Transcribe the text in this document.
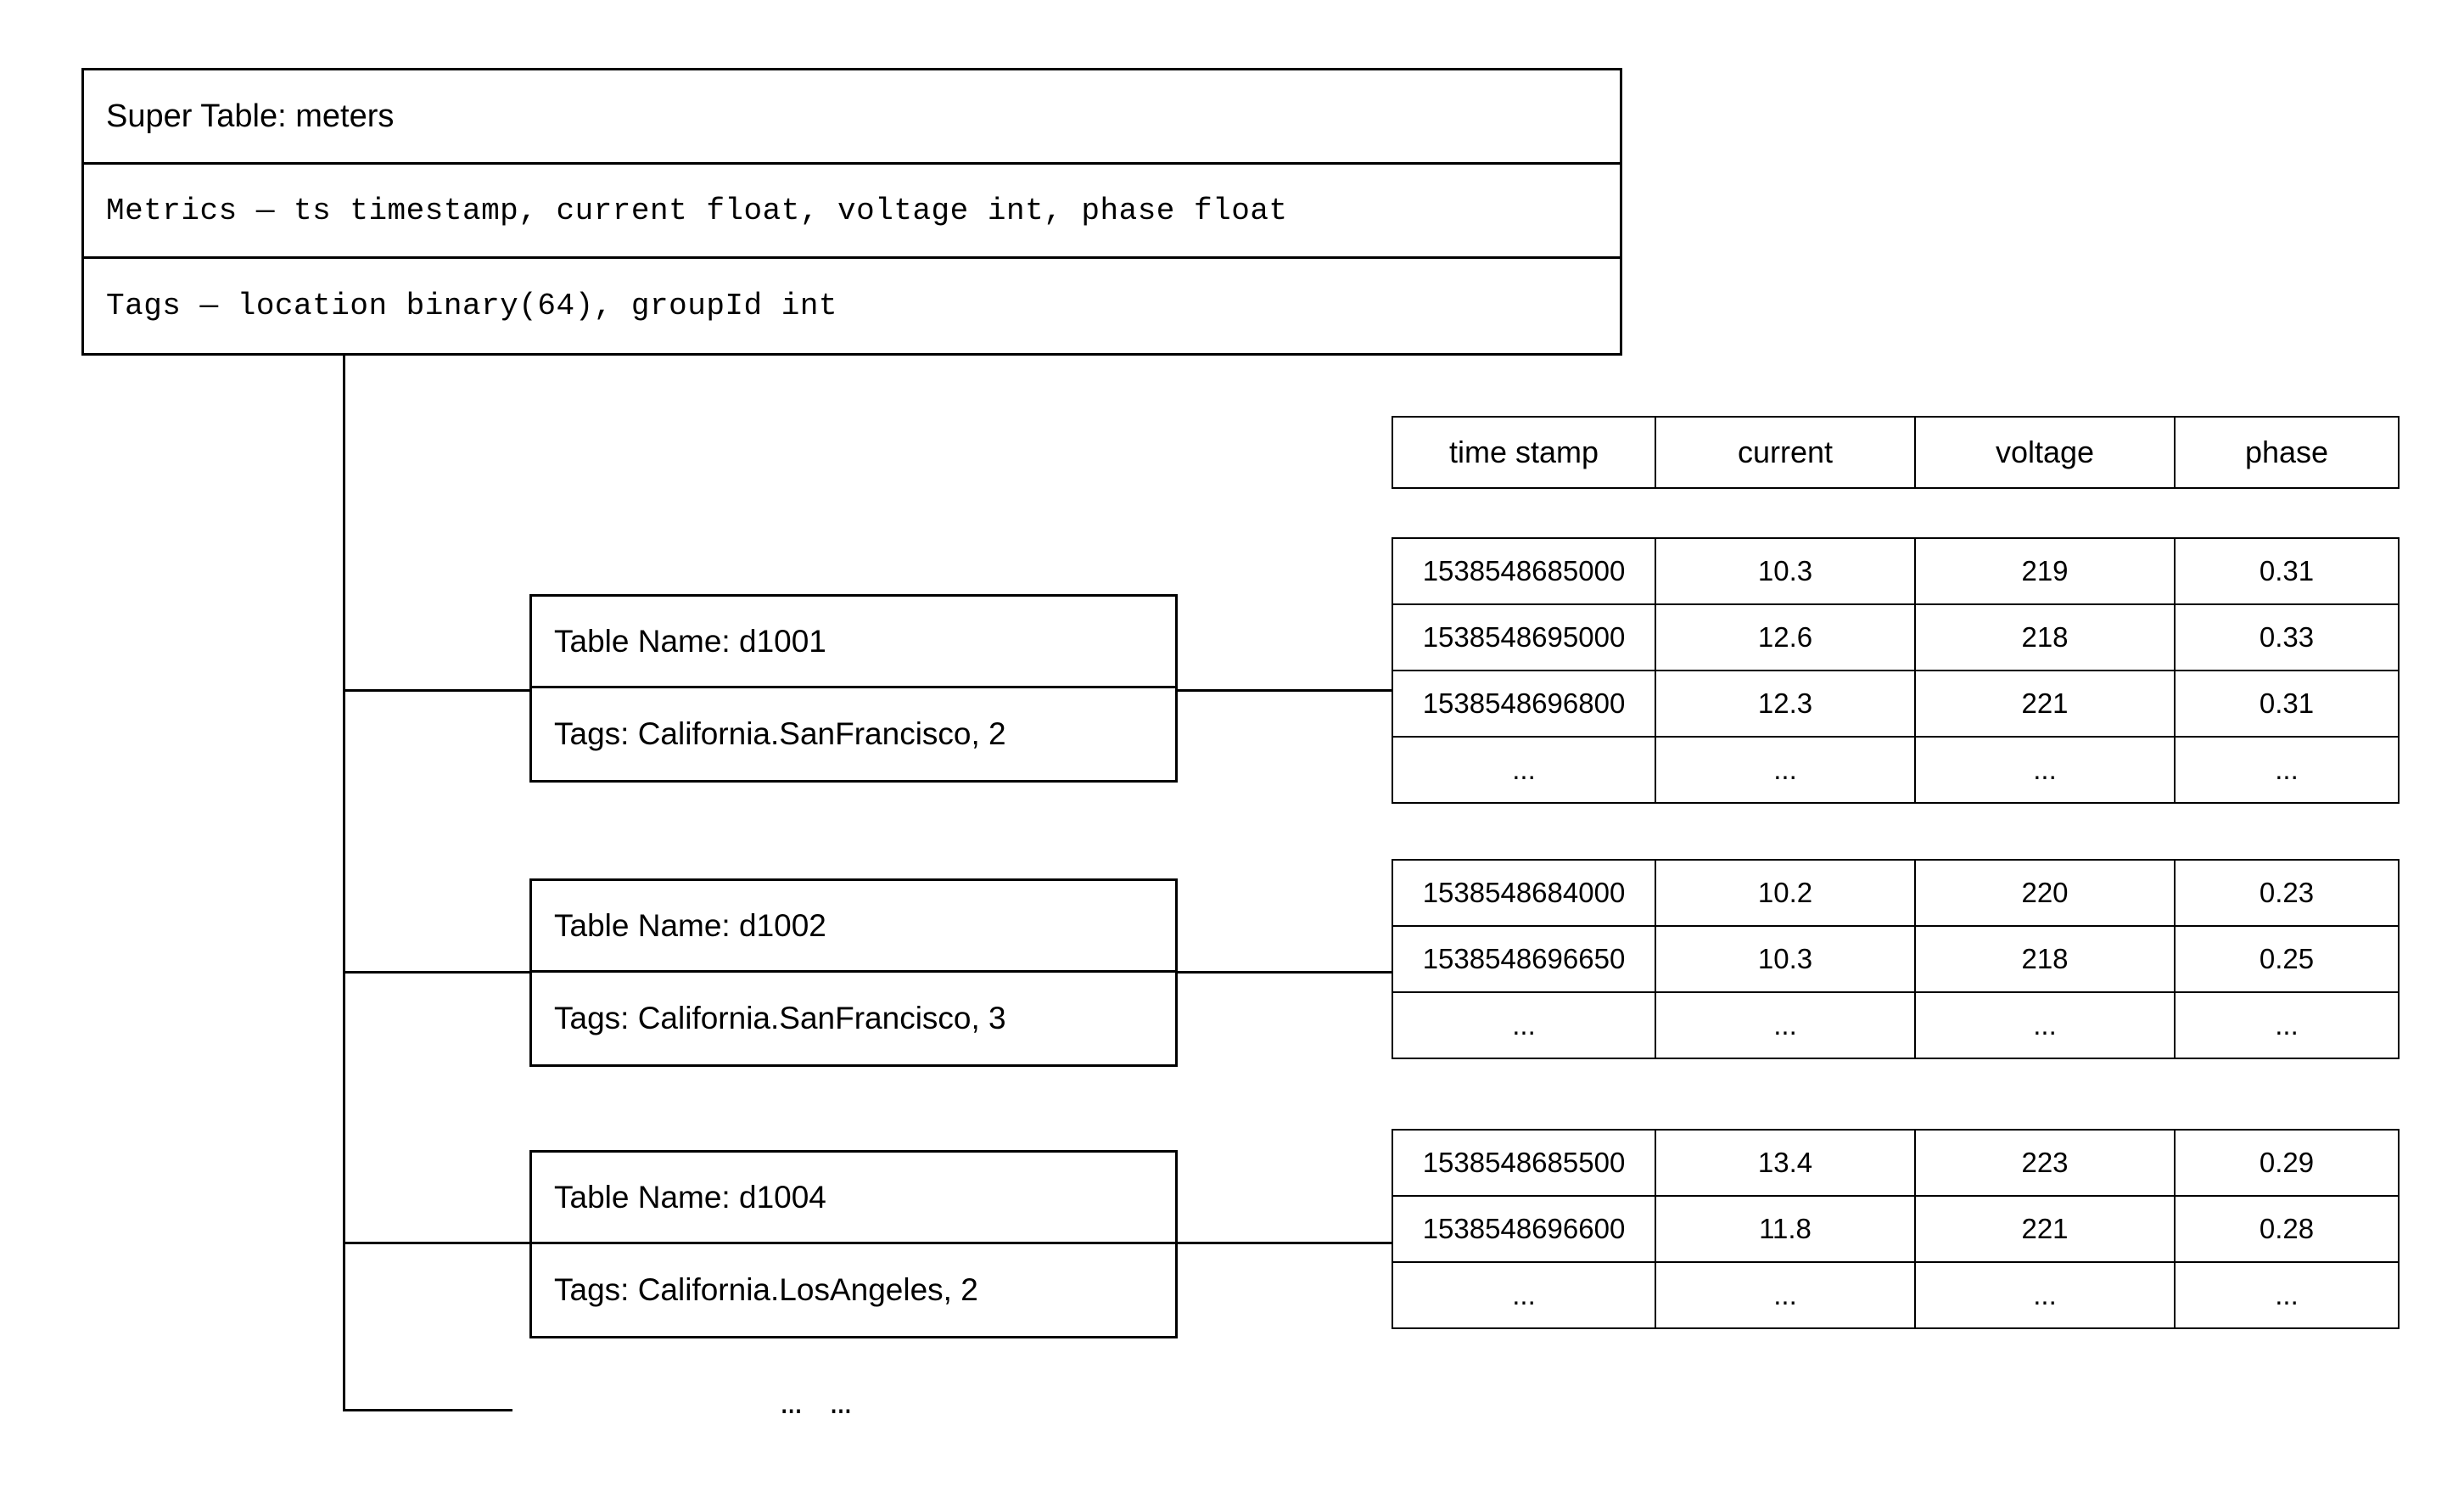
Super Table: meters
Metrics — ts timestamp, current float, voltage int, phase float
Tags — location binary(64), groupId int
Table Name: d1001
Tags: California.SanFrancisco, 2
Table Name: d1002
Tags: California.SanFrancisco, 3
Table Name: d1004
Tags: California.LosAngeles, 2
time stamp	current	voltage	phase
1538548685000	10.3	219	0.31
1538548695000	12.6	218	0.33
1538548696800	12.3	221	0.31
...	...	...	...
1538548684000	10.2	220	0.23
1538548696650	10.3	218	0.25
...	...	...	...
1538548685500	13.4	223	0.29
1538548696600	11.8	221	0.28
...	...	...	...
… …
